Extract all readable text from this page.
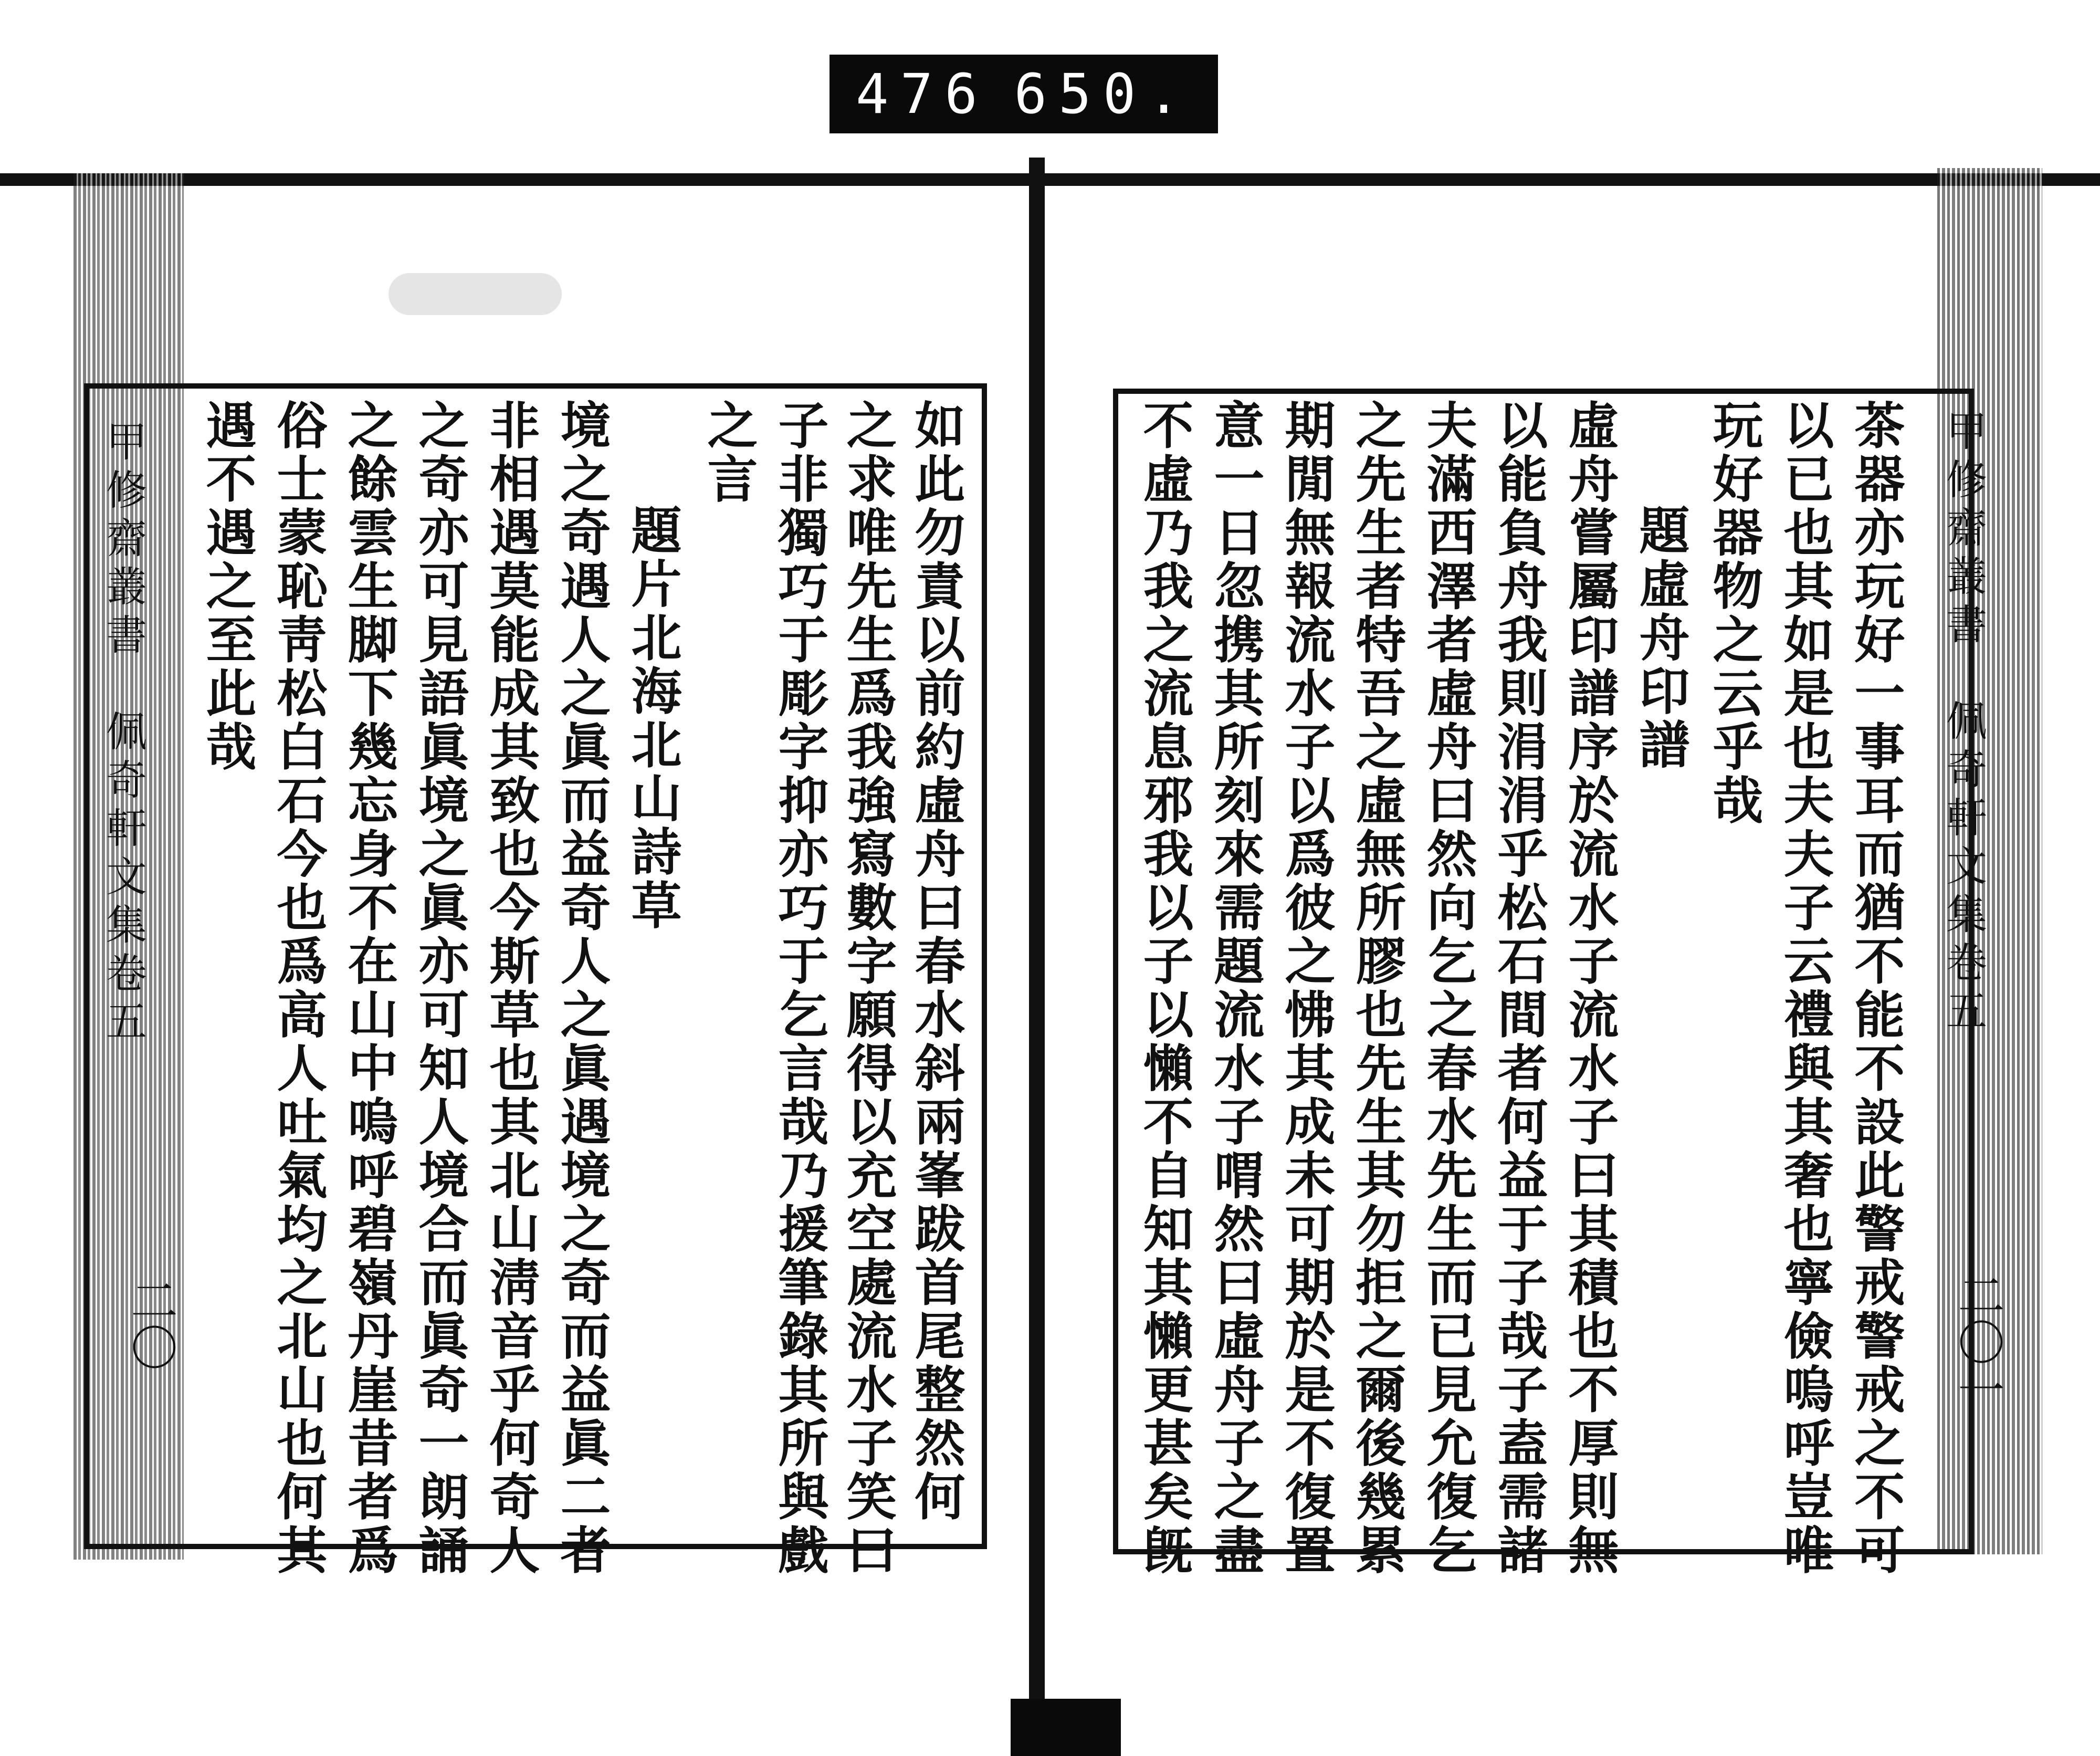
476 650.
甲修齋叢書　佩奇軒文集卷五
二〇	如此勿責以前約虛舟曰春水斜兩峯跋首尾整然何
之求唯先生爲我強寫數字願得以充空處流水子笑曰
子非獨巧于彫字抑亦巧于乞言哉乃援筆錄其所與戲
之言
題片北海北山詩草
境之奇遇人之眞而益奇人之眞遇境之奇而益眞二者
非相遇莫能成其致也今斯草也其北山淸音乎何奇人
之奇亦可見語眞境之眞亦可知人境合而眞奇一朗誦
之餘雲生脚下幾忘身不在山中嗚呼碧嶺丹崖昔者爲
俗士蒙恥靑松白石今也爲高人吐氣均之北山也何其
遇不遇之至此哉	甲修齋叢書　佩奇軒文集卷五
二〇一
茶器亦玩好一事耳而猶不能不設此警戒警戒之不可
以已也其如是也夫夫子云禮與其奢也寧儉嗚呼豈唯
玩好器物之云乎哉
題虛舟印譜
虛舟嘗屬印譜序於流水子流水子曰其積也不厚則無
以能負舟我則涓涓乎松石間者何益于子哉子盍需諸
夫滿西澤者虛舟曰然向乞之春水先生而已見允復乞
之先生者特吾之虛無所膠也先生其勿拒之爾後幾累
期閒無報流水子以爲彼之怫其成未可期於是不復置
意一日忽携其所刻來需題流水子喟然曰虛舟子之盡
不虛乃我之流息邪我以子以懶不自知其懶更甚矣旣
